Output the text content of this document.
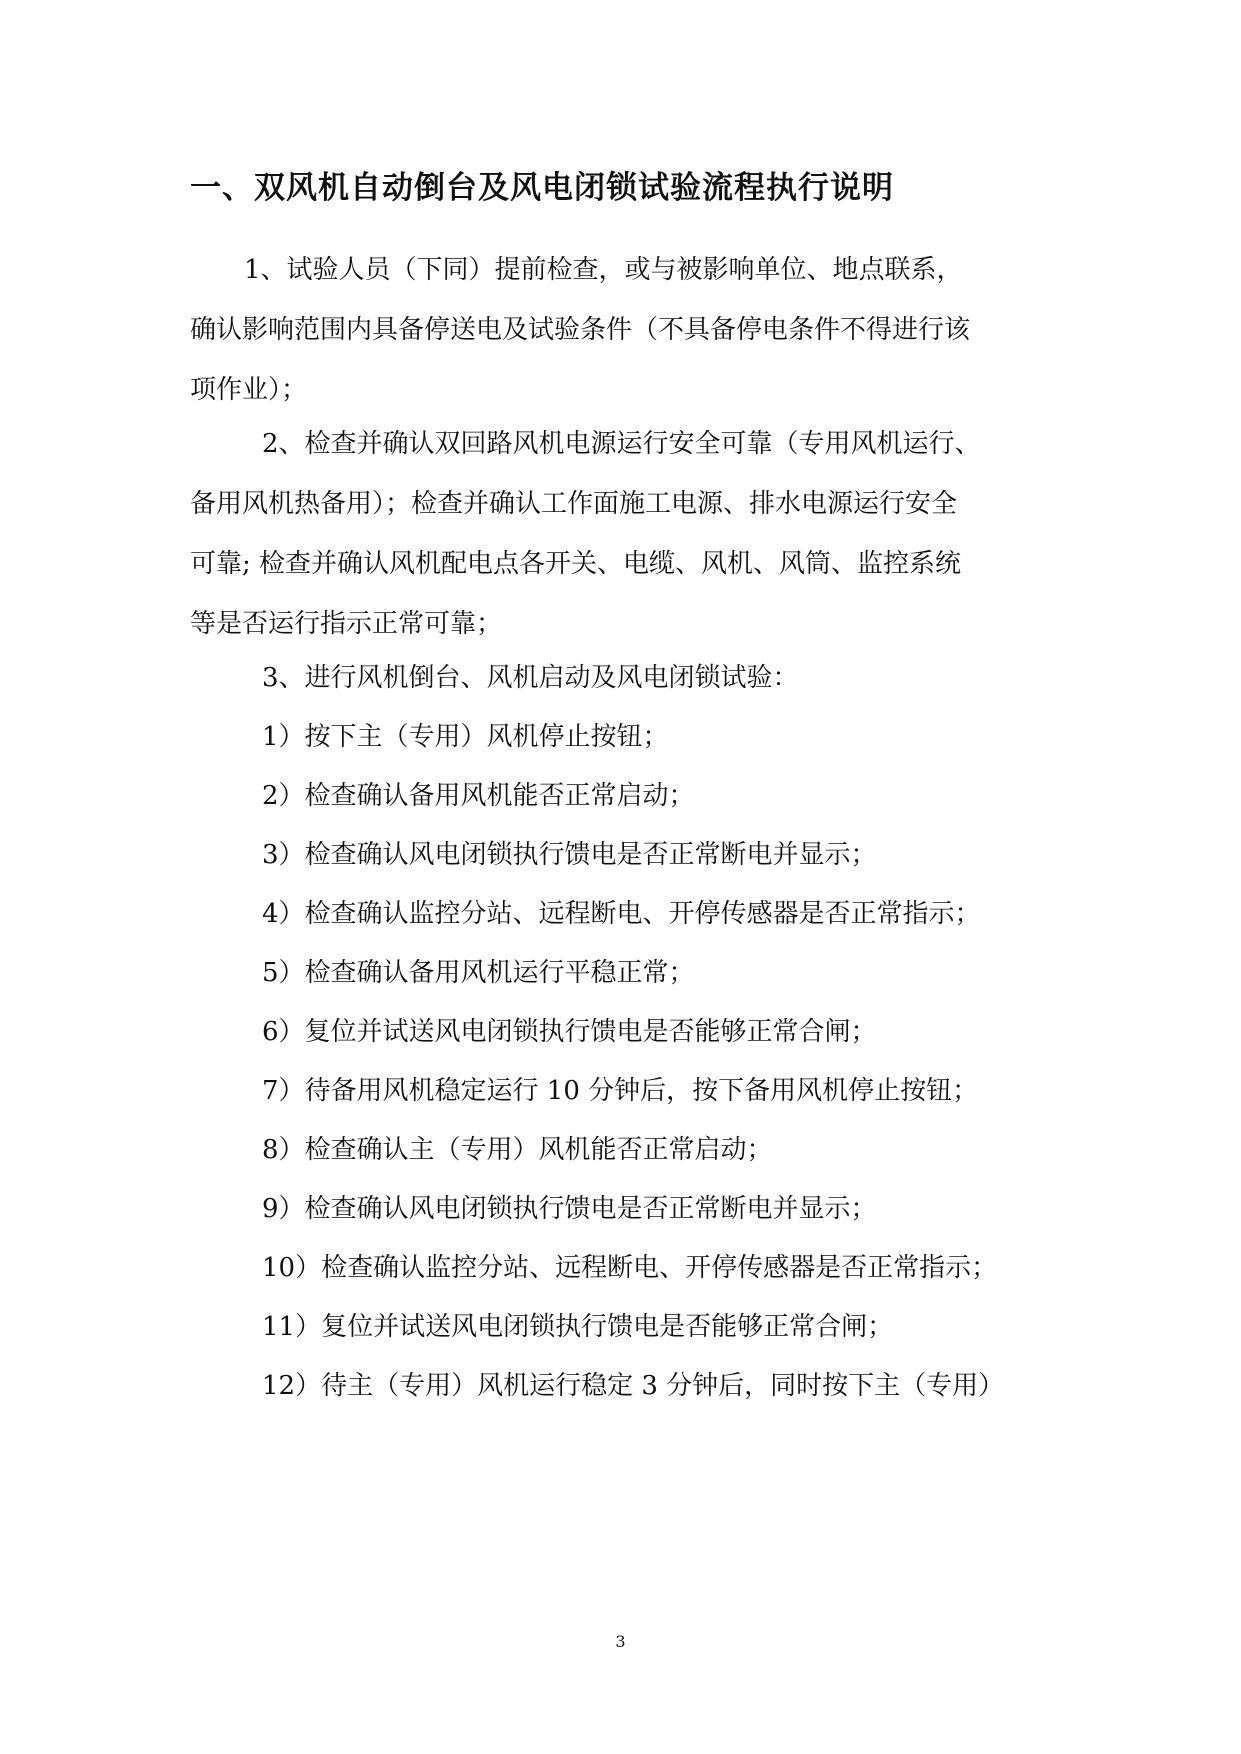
一、双风机自动倒台及风电闭锁试验流程执行说明

1、试验人员（下同）提前检查，或与被影响单位、地点联系，

确认影响范围内具备停送电及试验条件（不具备停电条件不得进行该
项作业）；

2、检查并确认双回路风机电源运行安全可靠（专用风机运行、

备用风机热备用）；检查并确认工作面施工电源、排水电源运行安全
可靠; 检查并确认风机配电点各开关、电缆、风机、风筒、监控系统
等是否运行指示正常可靠；

3、进行风机倒台、风机启动及风电闭锁试验：

1）按下主（专用）风机停止按钮；

2）检查确认备用风机能否正常启动；

3）检查确认风电闭锁执行馈电是否正常断电并显示；

4）检查确认监控分站、远程断电、开停传感器是否正常指示；

5）检查确认备用风机运行平稳正常；

6）复位并试送风电闭锁执行馈电是否能够正常合闸；

7）待备用风机稳定运行 10 分钟后，按下备用风机停止按钮；

8）检查确认主（专用）风机能否正常启动；

9）检查确认风电闭锁执行馈电是否正常断电并显示；

10）检查确认监控分站、远程断电、开停传感器是否正常指示；

11）复位并试送风电闭锁执行馈电是否能够正常合闸；

12）待主（专用）风机运行稳定 3 分钟后，同时按下主（专用）

3
